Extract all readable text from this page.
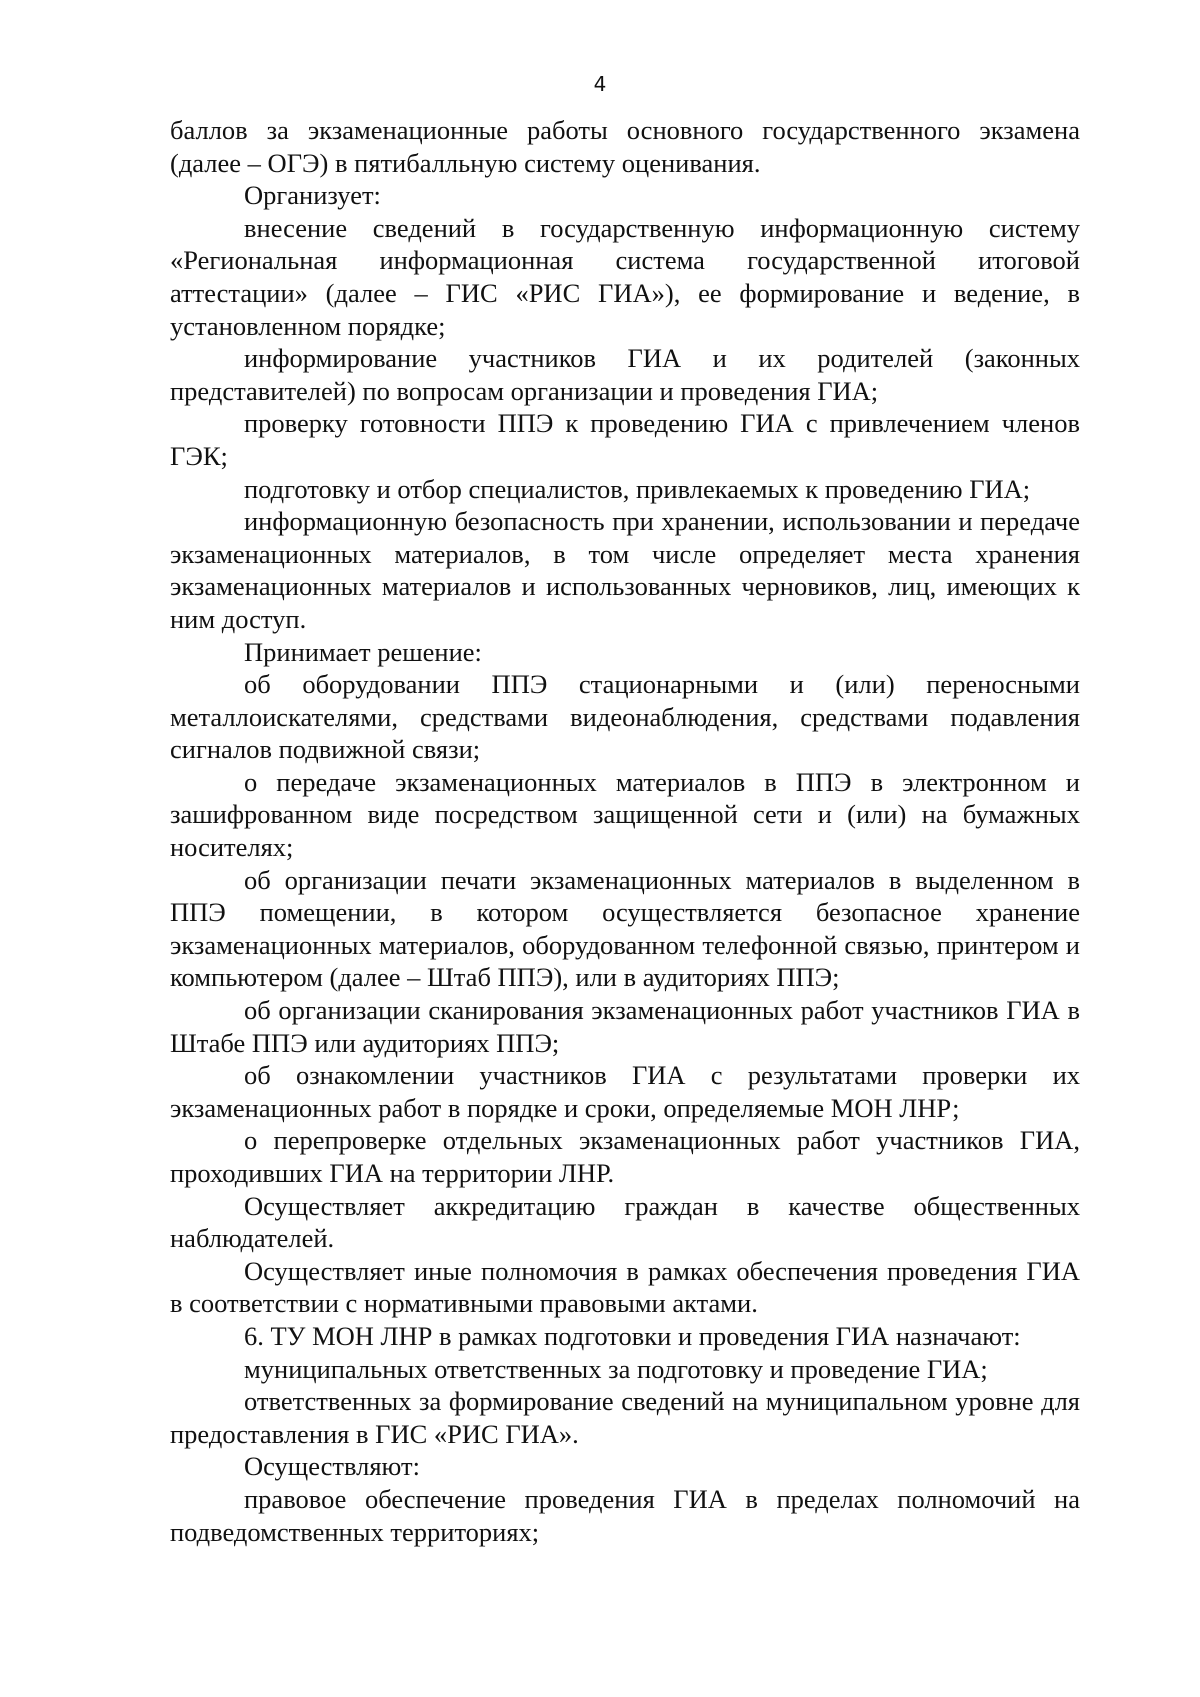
4

баллов за экзаменационные работы основного государственного экзамена (далее – ОГЭ) в пятибалльную систему оценивания.

Организует:

внесение сведений в государственную информационную систему «Региональная информационная система государственной итоговой аттестации» (далее – ГИС «РИС ГИА»), ее формирование и ведение, в установленном порядке;

информирование участников ГИА и их родителей (законных представителей) по вопросам организации и проведения ГИА;

проверку готовности ППЭ к проведению ГИА с привлечением членов ГЭК;

подготовку и отбор специалистов, привлекаемых к проведению ГИА;

информационную безопасность при хранении, использовании и передаче экзаменационных материалов, в том числе определяет места хранения экзаменационных материалов и использованных черновиков, лиц, имеющих к ним доступ.

Принимает решение:

об оборудовании ППЭ стационарными и (или) переносными металлоискателями, средствами видеонаблюдения, средствами подавления сигналов подвижной связи;

о передаче экзаменационных материалов в ППЭ в электронном и зашифрованном виде посредством защищенной сети и (или) на бумажных носителях;

об организации печати экзаменационных материалов в выделенном в ППЭ помещении, в котором осуществляется безопасное хранение экзаменационных материалов, оборудованном телефонной связью, принтером и компьютером (далее – Штаб ППЭ), или в аудиториях ППЭ;

об организации сканирования экзаменационных работ участников ГИА в Штабе ППЭ или аудиториях ППЭ;

об ознакомлении участников ГИА с результатами проверки их экзаменационных работ в порядке и сроки, определяемые МОН ЛНР;

о перепроверке отдельных экзаменационных работ участников ГИА, проходивших ГИА на территории ЛНР.

Осуществляет аккредитацию граждан в качестве общественных наблюдателей.

Осуществляет иные полномочия в рамках обеспечения проведения ГИА в соответствии с нормативными правовыми актами.

6. ТУ МОН ЛНР в рамках подготовки и проведения ГИА назначают:

муниципальных ответственных за подготовку и проведение ГИА;

ответственных за формирование сведений на муниципальном уровне для предоставления в ГИС «РИС ГИА».

Осуществляют:

правовое обеспечение проведения ГИА в пределах полномочий на подведомственных территориях;
